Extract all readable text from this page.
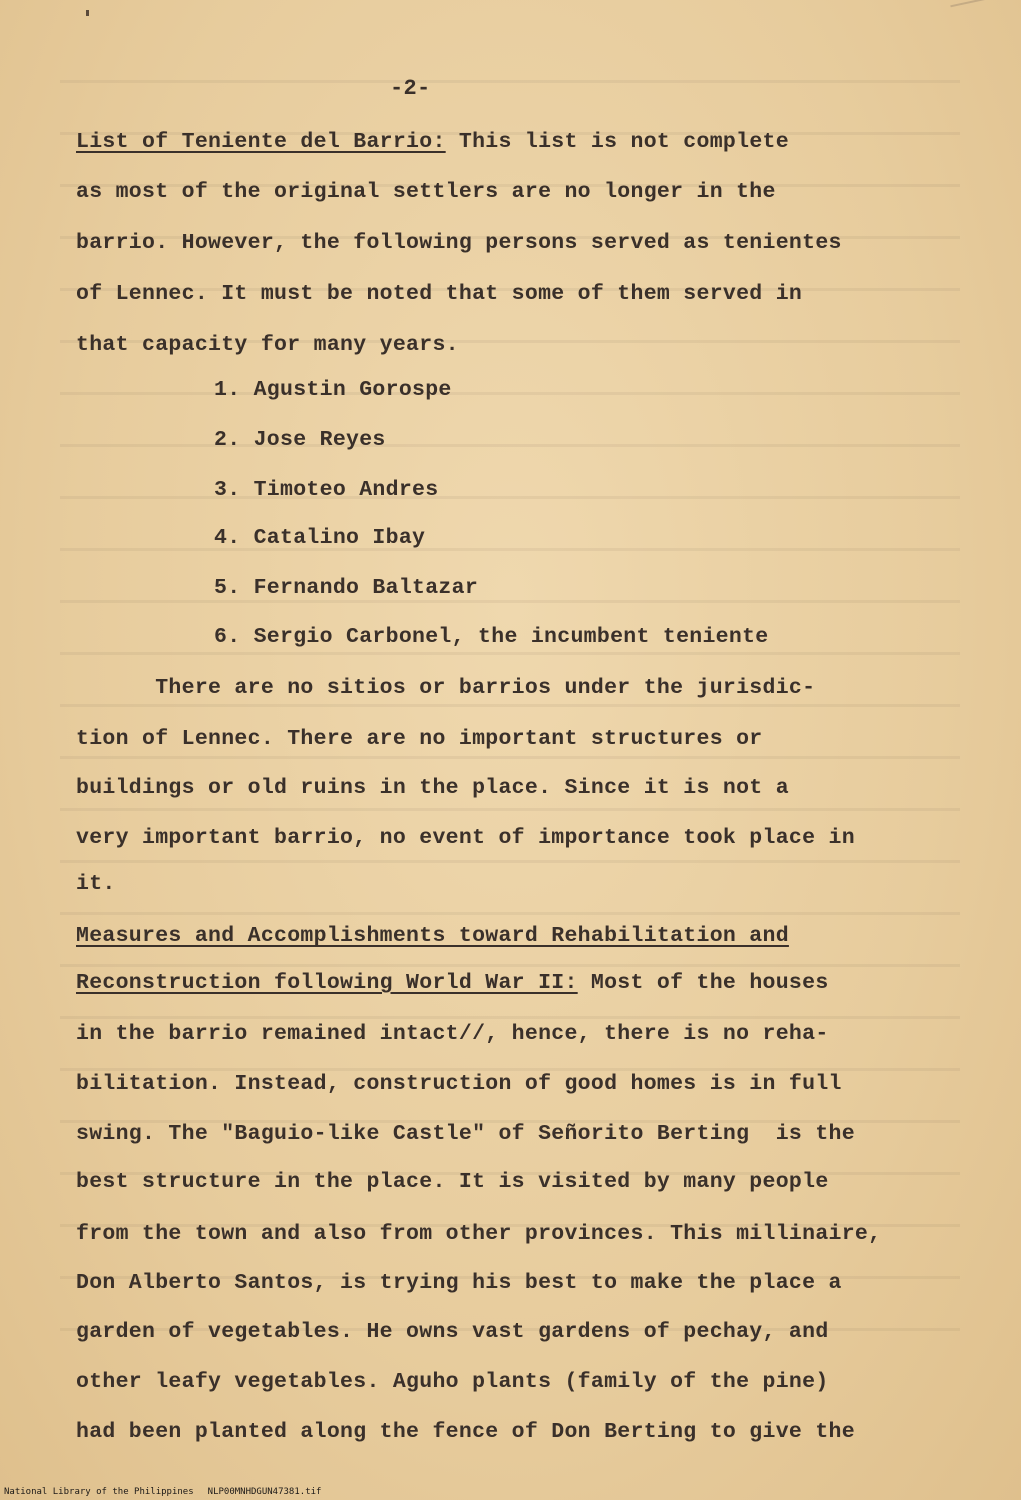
-2-

List of Teniente del Barrio: This list is not complete

as most of the original settlers are no longer in the

barrio. However, the following persons served as tenientes

of Lennec. It must be noted that some of them served in

that capacity for many years.

1. Agustin Gorospe

2. Jose Reyes

3. Timoteo Andres

4. Catalino Ibay

5. Fernando Baltazar

6. Sergio Carbonel, the incumbent teniente

There are no sitios or barrios under the jurisdic-

tion of Lennec. There are no important structures or

buildings or old ruins in the place. Since it is not a

very important barrio, no event of importance took place in

it.

Measures and Accomplishments toward Rehabilitation and

Reconstruction following World War II: Most of the houses

in the barrio remained intact//, hence, there is no reha-

bilitation. Instead, construction of good homes is in full

swing. The "Baguio-like Castle" of Señorito Berting  is the

best structure in the place. It is visited by many people

from the town and also from other provinces. This millinaire,

Don Alberto Santos, is trying his best to make the place a

garden of vegetables. He owns vast gardens of pechay, and

other leafy vegetables. Aguho plants (family of the pine)

had been planted along the fence of Don Berting to give the

National Library of the Philippines NLP00MNHDGUN47381.tif
